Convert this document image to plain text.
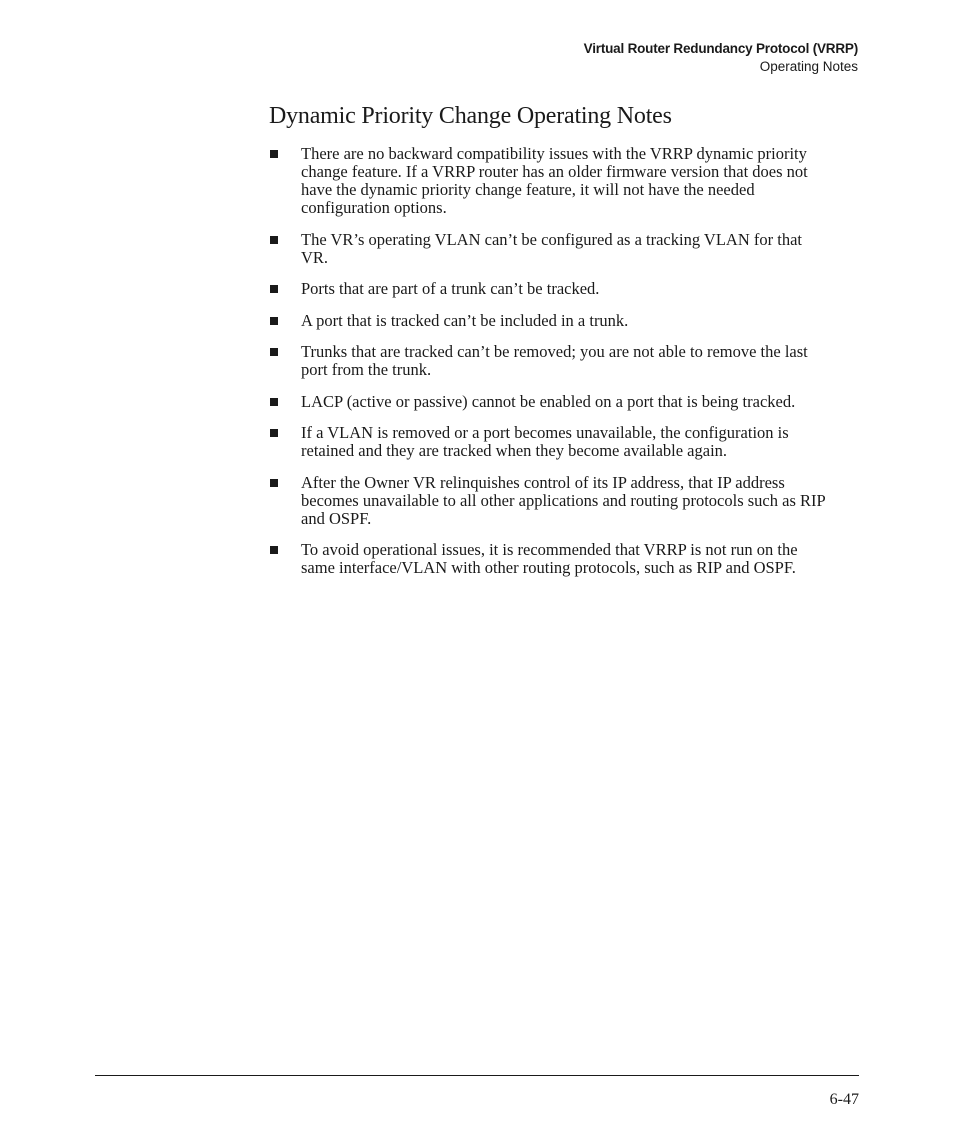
Virtual Router Redundancy Protocol (VRRP)
Operating Notes
Dynamic Priority Change Operating Notes
There are no backward compatibility issues with the VRRP dynamic priority change feature. If a VRRP router has an older firmware version that does not have the dynamic priority change feature, it will not have the needed configuration options.
The VR’s operating VLAN can’t be configured as a tracking VLAN for that VR.
Ports that are part of a trunk can’t be tracked.
A port that is tracked can’t be included in a trunk.
Trunks that are tracked can’t be removed; you are not able to remove the last port from the trunk.
LACP (active or passive) cannot be enabled on a port that is being tracked.
If a VLAN is removed or a port becomes unavailable, the configuration is retained and they are tracked when they become available again.
After the Owner VR relinquishes control of its IP address, that IP address becomes unavailable to all other applications and routing protocols such as RIP and OSPF.
To avoid operational issues, it is recommended that VRRP is not run on the same interface/VLAN with other routing protocols, such as RIP and OSPF.
6-47
